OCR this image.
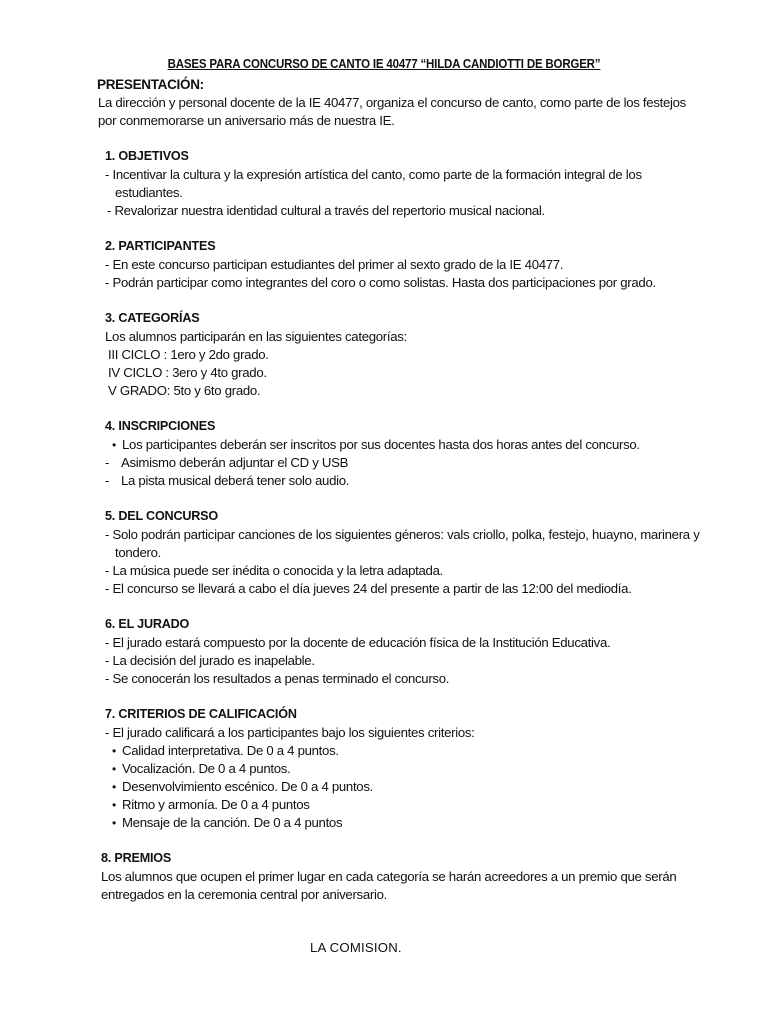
BASES PARA CONCURSO DE CANTO IE 40477 “HILDA CANDIOTTI DE BORGER”

PRESENTACIÓN:

La dirección y personal docente de la IE 40477, organiza el concurso de canto, como parte de los festejos por conmemorarse un aniversario más de nuestra IE.

1. OBJETIVOS

- Incentivar la cultura y la expresión artística del canto, como parte de la formación integral de los

estudiantes.

- Revalorizar nuestra identidad cultural a través del repertorio musical nacional.

2. PARTICIPANTES

- En este concurso participan estudiantes del primer al sexto grado de la IE 40477.

- Podrán participar como integrantes del coro o como solistas. Hasta dos participaciones por grado.

3. CATEGORÍAS

Los alumnos participarán en las siguientes categorías:

III CICLO : 1ero y 2do grado.

IV CICLO : 3ero y 4to grado.

V GRADO: 5to y 6to grado.

4. INSCRIPCIONES

• Los participantes deberán ser inscritos por sus docentes hasta dos horas antes del concurso.

- Asimismo deberán adjuntar el CD y USB

- La pista musical deberá tener solo audio.

5. DEL CONCURSO

- Solo podrán participar canciones de los siguientes géneros: vals criollo, polka, festejo, huayno, marinera y

tondero.

- La música puede ser inédita o conocida y la letra adaptada.

- El concurso se llevará a cabo el día jueves 24 del presente a partir de las 12:00 del mediodía.

6. EL JURADO

- El jurado estará compuesto por la docente de educación física de la Institución Educativa.

- La decisión del jurado es inapelable.

- Se conocerán los resultados a penas terminado el concurso.

7. CRITERIOS DE CALIFICACIÓN

- El jurado calificará a los participantes bajo los siguientes criterios:

• Calidad interpretativa. De 0 a 4 puntos.

• Vocalización. De 0 a 4 puntos.

• Desenvolvimiento escénico. De 0 a 4 puntos.

• Ritmo y armonía. De 0 a 4 puntos

• Mensaje de la canción. De 0 a 4 puntos

8. PREMIOS

Los alumnos que ocupen el primer lugar en cada categoría se harán acreedores a un premio que serán entregados en la ceremonia central por aniversario.

LA COMISION.
